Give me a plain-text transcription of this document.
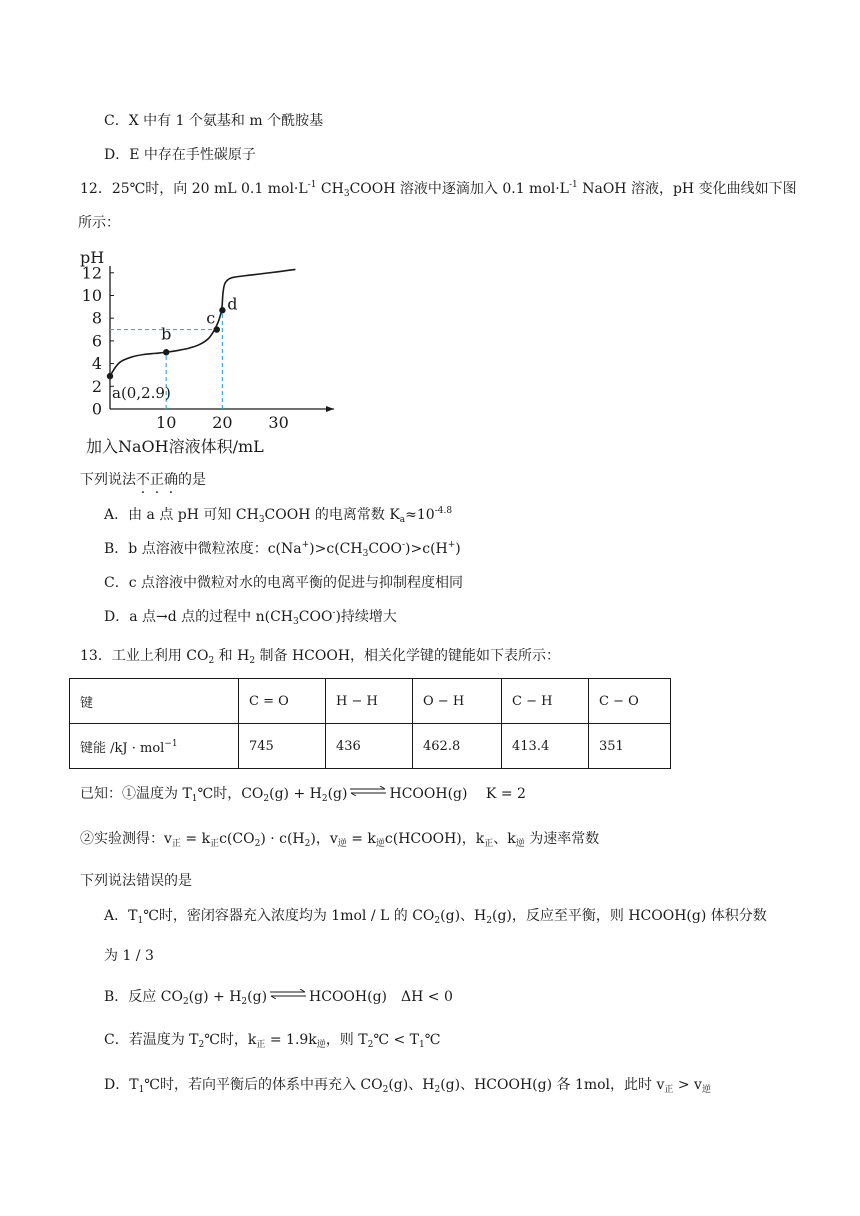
C．X 中有 1 个氨基和 m 个酰胺基
D．E 中存在手性碳原子
12．25℃时，向 20 mL 0.1 $mol\cdot L^{-1}$ $CH_3COOH$ 溶液中逐滴加入 0.1 $mol\cdot L^{-1}$ NaOH 溶液，pH 变化曲线如下图
所示：
pH
a(0,2.9)
b
c
d
0
2
4
6
8
10
12
10 20 30
加入NaOH溶液体积/mL
下列说法不正确的是
A．由 a 点 pH 可知 $CH_3COOH$ 的电离常数 $K_a\approx 10^{-4.8}$
B．b 点溶液中微粒浓度：$c(Na^+)>c(CH_3COO^-)>c(H^+)$
C．c 点溶液中微粒对水的电离平衡的促进与抑制程度相同
D．a 点→d 点的过程中 $n(CH_3COO^-)$持续增大
13．工业上利用 $CO_2$ 和 $H_2$ 制备 HCOOH，相关化学键的键能如下表所示：
键	C = O	H − H	O − H	C − H	C − O
键能 /kJ · mol$^{-1}$	745	436	462.8	413.4	351
已知：①温度为 $T_1℃$时，$CO_2(g) + H_2(g)$ ⇌ HCOOH(g)　 K = 2
②实验测得：$v_正 = k_正c(CO_2) \cdot c(H_2)$，$v_逆$ = $k_逆c(HCOOH)$，$k_正$、$k_逆$ 为速率常数
下列说法错误的是
A．$T_1℃$时，密闭容器充入浓度均为 1mol / L 的 $CO_2(g)$、$H_2(g)$，反应至平衡，则 HCOOH(g) 体积分数
为 1 / 3
B．反应 $CO_2(g) + H_2(g)$ ⇌ HCOOH(g)　ΔH < 0
C．若温度为 $T_2℃$时，$k_正 = 1.9k_逆$，则 $T_2℃$ < $T_1℃$
D．$T_1℃$时，若向平衡后的体系中再充入 $CO_2(g)$、$H_2(g)$、HCOOH(g) 各 1mol，此时 $v_正 > v_逆$
